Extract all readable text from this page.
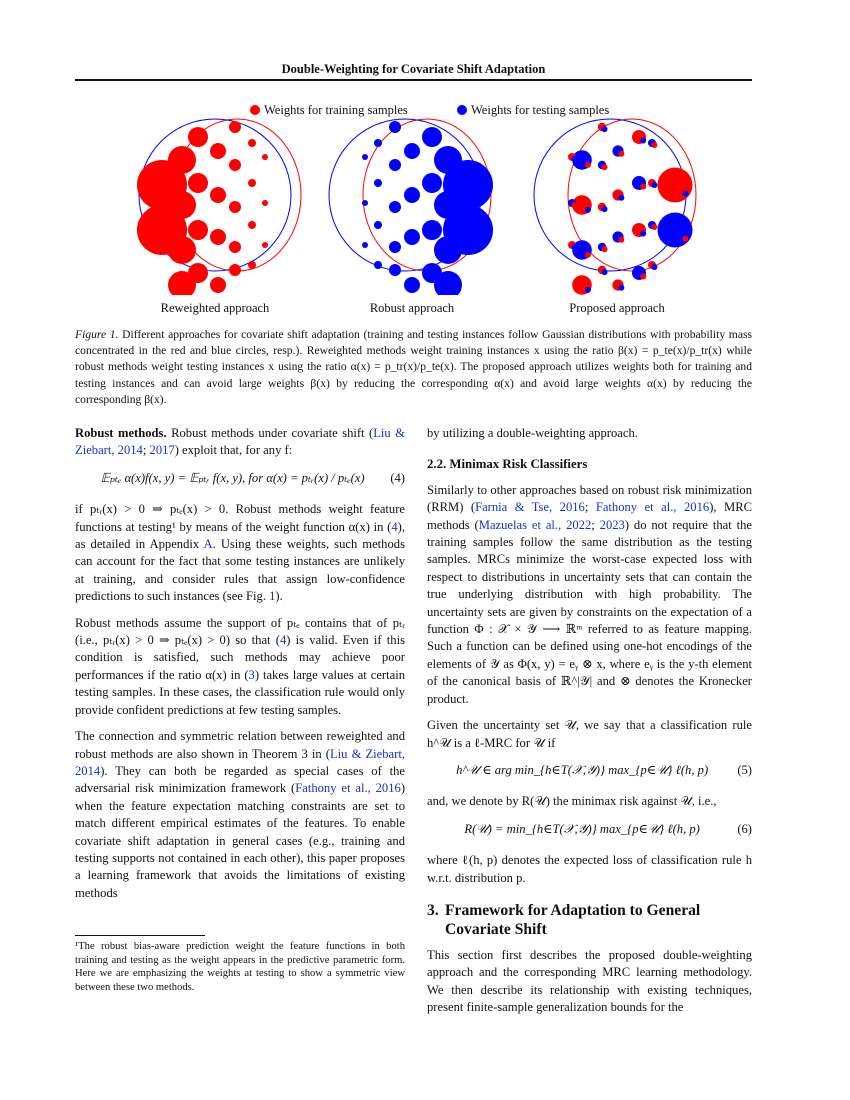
Double-Weighting for Covariate Shift Adaptation
Weights for training samples	Weights for testing samples
Reweighted approach	Robust approach	Proposed approach
Figure 1. Different approaches for covariate shift adaptation (training and testing instances follow Gaussian distributions with probability mass concentrated in the red and blue circles, resp.). Reweighted methods weight training instances x using the ratio β(x) = p_te(x)/p_tr(x) while robust methods weight testing instances x using the ratio α(x) = p_tr(x)/p_te(x). The proposed approach utilizes weights both for training and testing instances and can avoid large weights β(x) by reducing the corresponding α(x) and avoid large weights α(x) by reducing the corresponding β(x).

Robust methods. Robust methods under covariate shift (Liu & Ziebart, 2014; 2017) exploit that, for any f:

𝔼ₚₜₑ α(x)f(x, y) = 𝔼ₚₜᵣ f(x, y), for α(x) = pₜᵣ(x) / pₜₑ(x)	(4)

if pₜᵣ(x) > 0 ⇒ pₜₑ(x) > 0. Robust methods weight feature functions at testing¹ by means of the weight function α(x) in (4), as detailed in Appendix A. Using these weights, such methods can account for the fact that some testing instances are unlikely at training, and consider rules that assign low-confidence predictions to such instances (see Fig. 1).

Robust methods assume the support of pₜₑ contains that of pₜᵣ (i.e., pₜᵣ(x) > 0 ⇒ pₜₑ(x) > 0) so that (4) is valid. Even if this condition is satisfied, such methods may achieve poor performances if the ratio α(x) in (3) takes large values at certain testing samples. In these cases, the classification rule would only provide confident predictions at few testing samples.

The connection and symmetric relation between reweighted and robust methods are also shown in Theorem 3 in (Liu & Ziebart, 2014). They can both be regarded as special cases of the adversarial risk minimization framework (Fathony et al., 2016) when the feature expectation matching constraints are set to match different empirical estimates of the features. To enable covariate shift adaptation in general cases (e.g., training and testing supports not contained in each other), this paper proposes a learning framework that avoids the limitations of existing methods

¹The robust bias-aware prediction weight the feature functions in both training and testing as the weight appears in the predictive parametric form. Here we are emphasizing the weights at testing to show a symmetric view between these two methods.

by utilizing a double-weighting approach.

2.2. Minimax Risk Classifiers

Similarly to other approaches based on robust risk minimization (RRM) (Farnia & Tse, 2016; Fathony et al., 2016), MRC methods (Mazuelas et al., 2022; 2023) do not require that the training samples follow the same distribution as the testing samples. MRCs minimize the worst-case expected loss with respect to distributions in uncertainty sets that can contain the true underlying distribution with high probability. The uncertainty sets are given by constraints on the expectation of a function Φ : 𝒳 × 𝒴 ⟶ ℝᵐ referred to as feature mapping. Such a function can be defined using one-hot encodings of the elements of 𝒴 as Φ(x, y) = eᵧ ⊗ x, where eᵧ is the y-th element of the canonical basis of ℝ^|𝒴| and ⊗ denotes the Kronecker product.

Given the uncertainty set 𝒰, we say that a classification rule h^𝒰 is a ℓ-MRC for 𝒰 if

h^𝒰 ∈ arg min_{h∈T(𝒳,𝒴)} max_{p∈𝒰} ℓ(h, p)	(5)

and, we denote by R(𝒰) the minimax risk against 𝒰, i.e.,

R(𝒰) = min_{h∈T(𝒳,𝒴)} max_{p∈𝒰} ℓ(h, p)	(6)

where ℓ(h, p) denotes the expected loss of classification rule h w.r.t. distribution p.

3. Framework for Adaptation to General
Covariate Shift

This section first describes the proposed double-weighting approach and the corresponding MRC learning methodology. We then describe its relationship with existing techniques, present finite-sample generalization bounds for the
